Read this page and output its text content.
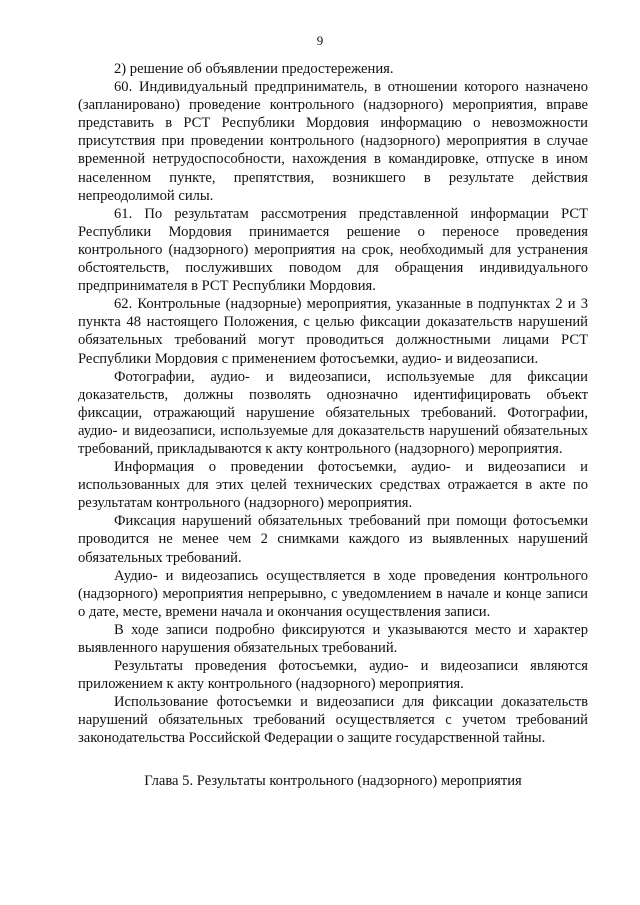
9

2) решение об объявлении предостережения.

60. Индивидуальный предприниматель, в отношении которого назначено (запланировано) проведение контрольного (надзорного) мероприятия, вправе представить в РСТ Республики Мордовия информацию о невозможности присутствия при проведении контрольного (надзорного) мероприятия в случае временной нетрудоспособности, нахождения в командировке, отпуске в ином населенном пункте, препятствия, возникшего в результате действия непреодолимой силы.

61. По результатам рассмотрения представленной информации РСТ Республики Мордовия принимается решение о переносе проведения контрольного (надзорного) мероприятия на срок, необходимый для устранения обстоятельств, послуживших поводом для обращения индивидуального предпринимателя в РСТ Республики Мордовия.

62. Контрольные (надзорные) мероприятия, указанные в подпунктах 2 и 3 пункта 48 настоящего Положения, с целью фиксации доказательств нарушений обязательных требований могут проводиться должностными лицами РСТ Республики Мордовия с применением фотосъемки, аудио- и видеозаписи.

Фотографии, аудио- и видеозаписи, используемые для фиксации доказательств, должны позволять однозначно идентифицировать объект фиксации, отражающий нарушение обязательных требований. Фотографии, аудио- и видеозаписи, используемые для доказательств нарушений обязательных требований, прикладываются к акту контрольного (надзорного) мероприятия.

Информация о проведении фотосъемки, аудио- и видеозаписи и использованных для этих целей технических средствах отражается в акте по результатам контрольного (надзорного) мероприятия.

Фиксация нарушений обязательных требований при помощи фотосъемки проводится не менее чем 2 снимками каждого из выявленных нарушений обязательных требований.

Аудио- и видеозапись осуществляется в ходе проведения контрольного (надзорного) мероприятия непрерывно, с уведомлением в начале и конце записи о дате, месте, времени начала и окончания осуществления записи.

В ходе записи подробно фиксируются и указываются место и характер выявленного нарушения обязательных требований.

Результаты проведения фотосъемки, аудио- и видеозаписи являются приложением к акту контрольного (надзорного) мероприятия.

Использование фотосъемки и видеозаписи для фиксации доказательств нарушений обязательных требований осуществляется с учетом требований законодательства Российской Федерации о защите государственной тайны.

Глава 5. Результаты контрольного (надзорного) мероприятия
